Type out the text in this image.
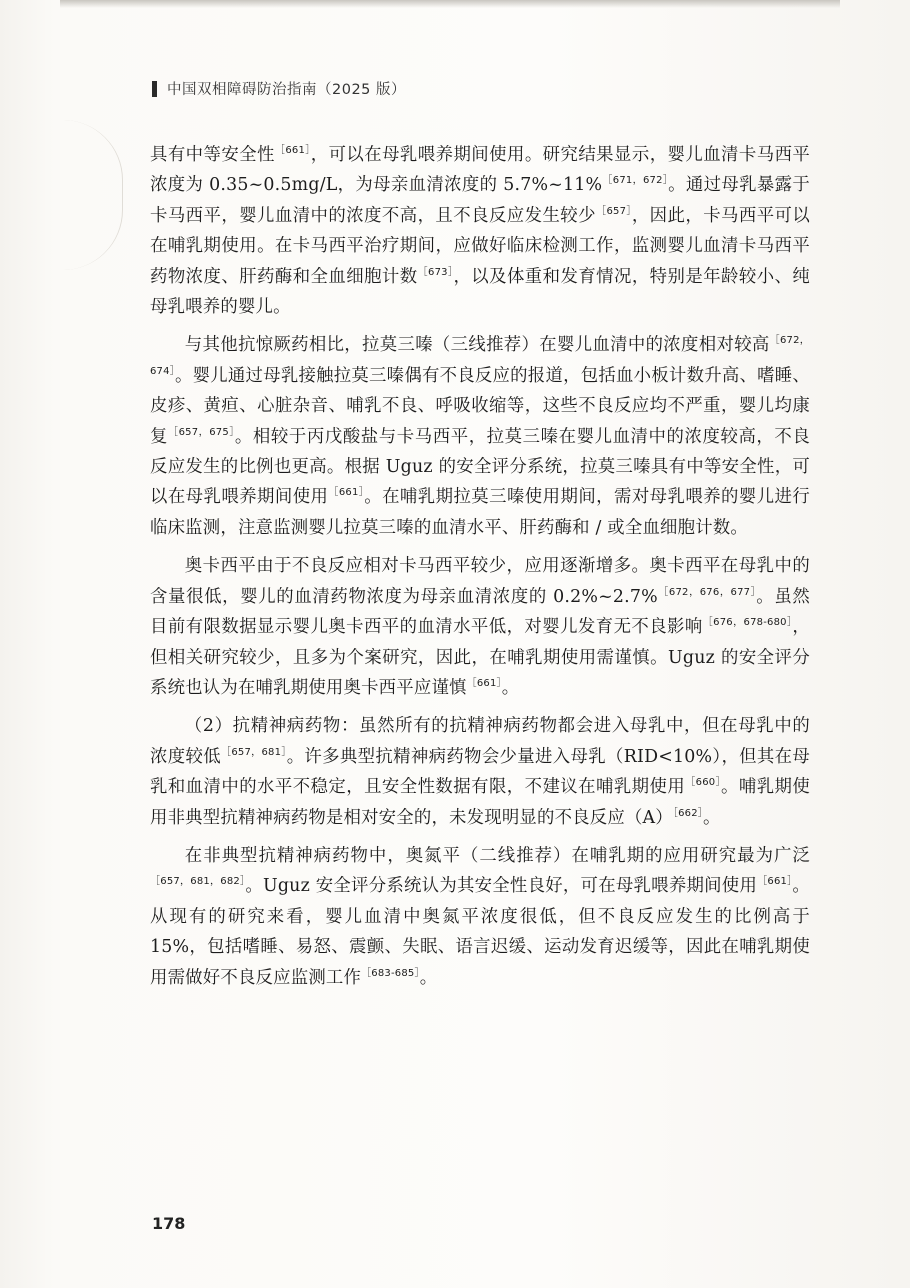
中国双相障碍防治指南（2025 版）

具有中等安全性$^{[661]}$，可以在母乳喂养期间使用。研究结果显示，婴儿血清卡马西平浓度为 0.35~0.5mg/L，为母亲血清浓度的 5.7%~11%$^{[671,672]}$。通过母乳暴露于卡马西平，婴儿血清中的浓度不高，且不良反应发生较少$^{[657]}$，因此，卡马西平可以在哺乳期使用。在卡马西平治疗期间，应做好临床检测工作，监测婴儿血清卡马西平药物浓度、肝药酶和全血细胞计数$^{[673]}$，以及体重和发育情况，特别是年龄较小、纯母乳喂养的婴儿。

与其他抗惊厥药相比，拉莫三嗪（三线推荐）在婴儿血清中的浓度相对较高$^{[672,674]}$。婴儿通过母乳接触拉莫三嗪偶有不良反应的报道，包括血小板计数升高、嗜睡、皮疹、黄疸、心脏杂音、哺乳不良、呼吸收缩等，这些不良反应均不严重，婴儿均康复$^{[657,675]}$。相较于丙戊酸盐与卡马西平，拉莫三嗪在婴儿血清中的浓度较高，不良反应发生的比例也更高。根据 Uguz 的安全评分系统，拉莫三嗪具有中等安全性，可以在母乳喂养期间使用$^{[661]}$。在哺乳期拉莫三嗪使用期间，需对母乳喂养的婴儿进行临床监测，注意监测婴儿拉莫三嗪的血清水平、肝药酶和 / 或全血细胞计数。

奥卡西平由于不良反应相对卡马西平较少，应用逐渐增多。奥卡西平在母乳中的含量很低，婴儿的血清药物浓度为母亲血清浓度的 0.2%~2.7%$^{[672,676,677]}$。虽然目前有限数据显示婴儿奥卡西平的血清水平低，对婴儿发育无不良影响$^{[676,678-680]}$，但相关研究较少，且多为个案研究，因此，在哺乳期使用需谨慎。Uguz 的安全评分系统也认为在哺乳期使用奥卡西平应谨慎$^{[661]}$。

（2）抗精神病药物：虽然所有的抗精神病药物都会进入母乳中，但在母乳中的浓度较低$^{[657,681]}$。许多典型抗精神病药物会少量进入母乳（RID<10%），但其在母乳和血清中的水平不稳定，且安全性数据有限，不建议在哺乳期使用$^{[660]}$。哺乳期使用非典型抗精神病药物是相对安全的，未发现明显的不良反应（A）$^{[662]}$。

在非典型抗精神病药物中，奥氮平（二线推荐）在哺乳期的应用研究最为广泛$^{[657,681,682]}$。Uguz 安全评分系统认为其安全性良好，可在母乳喂养期间使用$^{[661]}$。从现有的研究来看，婴儿血清中奥氮平浓度很低，但不良反应发生的比例高于 15%，包括嗜睡、易怒、震颤、失眠、语言迟缓、运动发育迟缓等，因此在哺乳期使用需做好不良反应监测工作$^{[683-685]}$。

178
